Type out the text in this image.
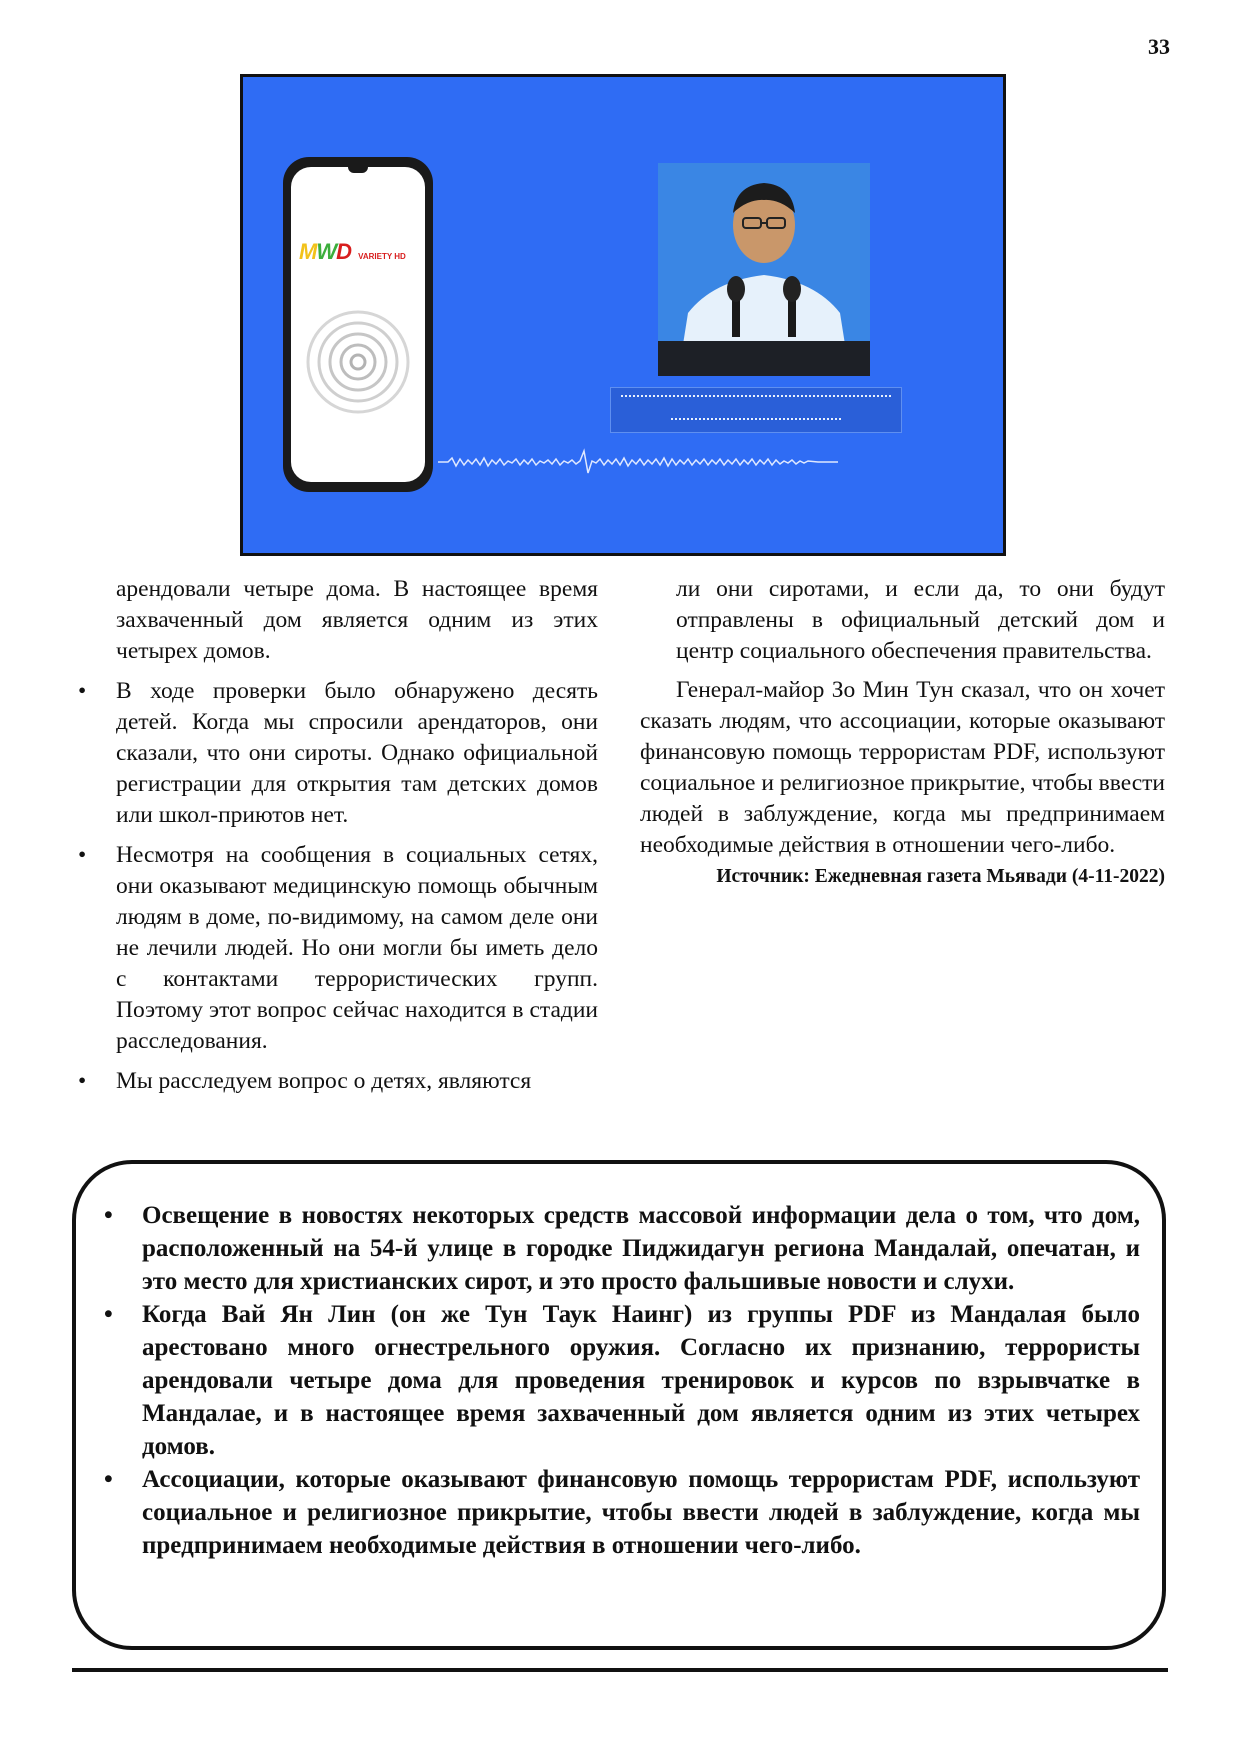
33
MWD VARIETY HD

арендовали четыре дома. В настоящее время захваченный дом является одним из этих четырех домов.

• В ходе проверки было обнаружено десять детей. Когда мы спросили арендаторов, они сказали, что они сироты. Однако официальной регистрации для открытия там детских домов или школ-приютов нет.

• Несмотря на сообщения в социальных сетях, они оказывают медицинскую помощь обычным людям в доме, по-видимому, на самом деле они не лечили людей. Но они могли бы иметь дело с контактами террористических групп. Поэтому этот вопрос сейчас находится в стадии расследования.

• Мы расследуем вопрос о детях, являются

ли они сиротами, и если да, то они будут отправлены в официальный детский дом и центр социального обеспечения правительства.

Генерал-майор Зо Мин Тун сказал, что он хочет сказать людям, что ассоциации, которые оказывают финансовую помощь террористам PDF, используют социальное и религиозное прикрытие, чтобы ввести людей в заблуждение, когда мы предпринимаем необходимые действия в отношении чего-либо.

Источник: Ежедневная газета Мьявади (4-11-2022)

• Освещение в новостях некоторых средств массовой информации дела о том, что дом, расположенный на 54-й улице в городке Пиджидагун региона Мандалай, опечатан, и это место для христианских сирот, и это просто фальшивые новости и слухи.

• Когда Вай Ян Лин (он же Тун Таук Наинг) из группы PDF из Мандалая было арестовано много огнестрельного оружия. Согласно их признанию, террористы арендовали четыре дома для проведения тренировок и курсов по взрывчатке в Мандалае, и в настоящее время захваченный дом является одним из этих четырех домов.

• Ассоциации, которые оказывают финансовую помощь террористам PDF, используют социальное и религиозное прикрытие, чтобы ввести людей в заблуждение, когда мы предпринимаем необходимые действия в отношении чего-либо.
